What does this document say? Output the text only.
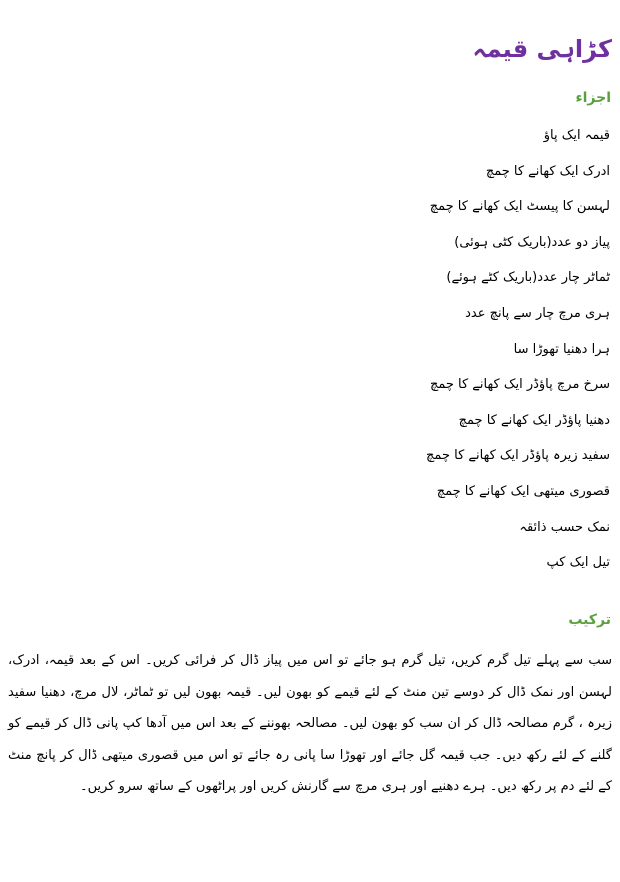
کڑاہی قیمہ
اجزاء
قیمہ ایک پاؤ
ادرک ایک کھانے کا چمچ
لہسن کا پیسٹ ایک کھانے کا چمچ
پیاز دو عدد(باریک کٹی ہوئی)
ٹماٹر چار عدد(باریک کٹے ہوئے)
ہری مرچ چار سے پانچ عدد
ہرا دھنیا تھوڑا سا
سرخ مرچ پاؤڈر ایک کھانے کا چمچ
دھنیا پاؤڈر ایک کھانے کا چمچ
سفید زیرہ پاؤڈر ایک کھانے کا چمچ
قصوری میتھی ایک کھانے کا چمچ
نمک حسب ذائقہ
تیل ایک کپ
ترکیب

سب سے پہلے تیل گرم کریں، تیل گرم ہو جائے تو اس میں پیاز ڈال کر فرائی کریں۔ اس کے بعد قیمہ، ادرک، لہسن اور نمک ڈال کر دوسے تین منٹ کے لئے قیمے کو بھون لیں۔ قیمہ بھون لیں تو ٹماٹر، لال مرچ، دھنیا سفید زیرہ ، گرم مصالحہ ڈال کر ان سب کو بھون لیں۔ مصالحہ بھوننے کے بعد اس میں آدھا کپ پانی ڈال کر قیمے کو گلنے کے لئے رکھ دیں۔ جب قیمہ گل جائے اور تھوڑا سا پانی رہ جائے تو اس میں قصوری میتھی ڈال کر پانچ منٹ کے لئے دم پر رکھ دیں۔ ہرے دھنیے اور ہری مرچ سے گارنش کریں اور پراٹھوں کے ساتھ سرو کریں۔
